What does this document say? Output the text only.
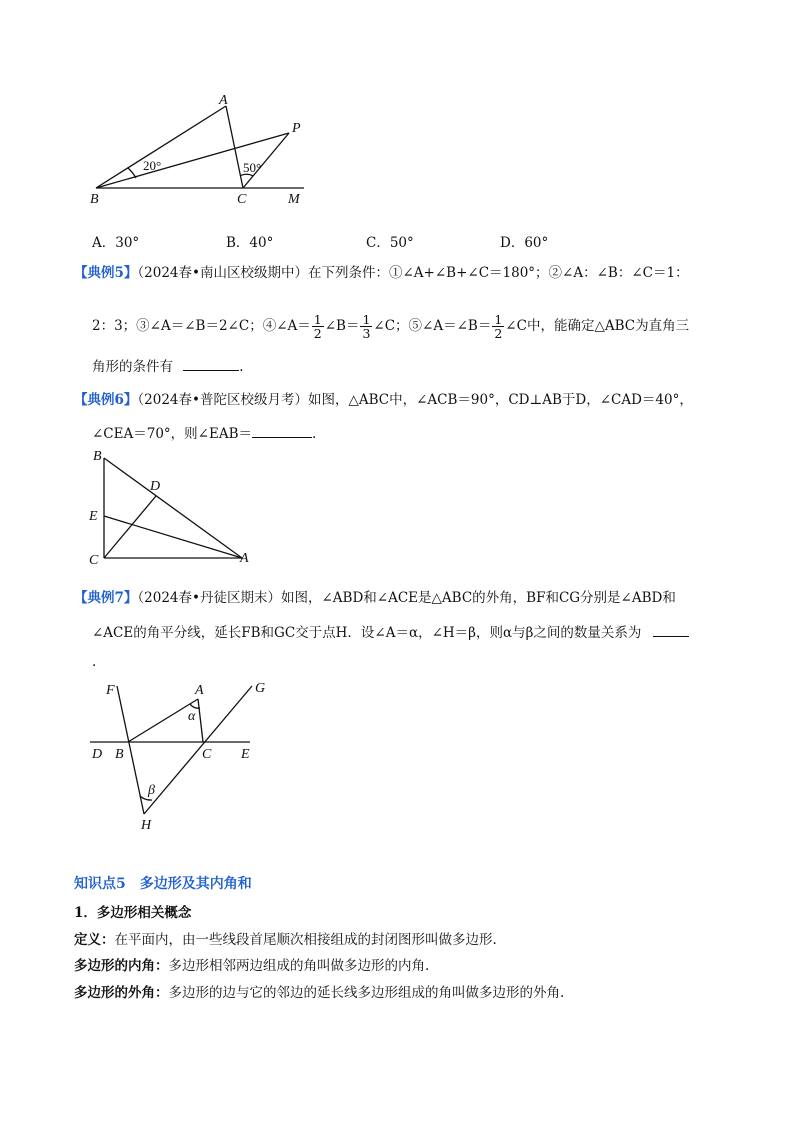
A
P
B	C	M
20°	50°
A．30°	B．40°	C．50°	D．60°
【典例5】（2024春•南山区校级期中）在下列条件：①∠A+∠B+∠C＝180°；②∠A：∠B：∠C＝1：
2：3；③∠A＝∠B＝2∠C；④∠A＝ $\frac{1}{2}$ ∠B＝ $\frac{1}{3}$ ∠C；⑤∠A＝∠B＝ $\frac{1}{2}$ ∠C中，能确定△ABC为直角三
角形的条件有	.
【典例6】（2024春•普陀区校级月考）如图，△ABC中，∠ACB＝90°，CD⊥AB于D，∠CAD＝40°，
∠CEA＝70°，则∠EAB＝	.
B
D
E
C	A
【典例7】（2024春•丹徒区期末）如图，∠ABD和∠ACE是△ABC的外角，BF和CG分别是∠ABD和
∠ACE的角平分线，延长FB和GC交于点H．设∠A＝α，∠H＝β，则α与β之间的数量关系为
.
F	A	G
α
D B	C E
β
H
知识点5　多边形及其内角和
1．多边形相关概念
定义：在平面内，由一些线段首尾顺次相接组成的封闭图形叫做多边形.
多边形的内角：多边形相邻两边组成的角叫做多边形的内角.
多边形的外角：多边形的边与它的邻边的延长线多边形组成的角叫做多边形的外角.
